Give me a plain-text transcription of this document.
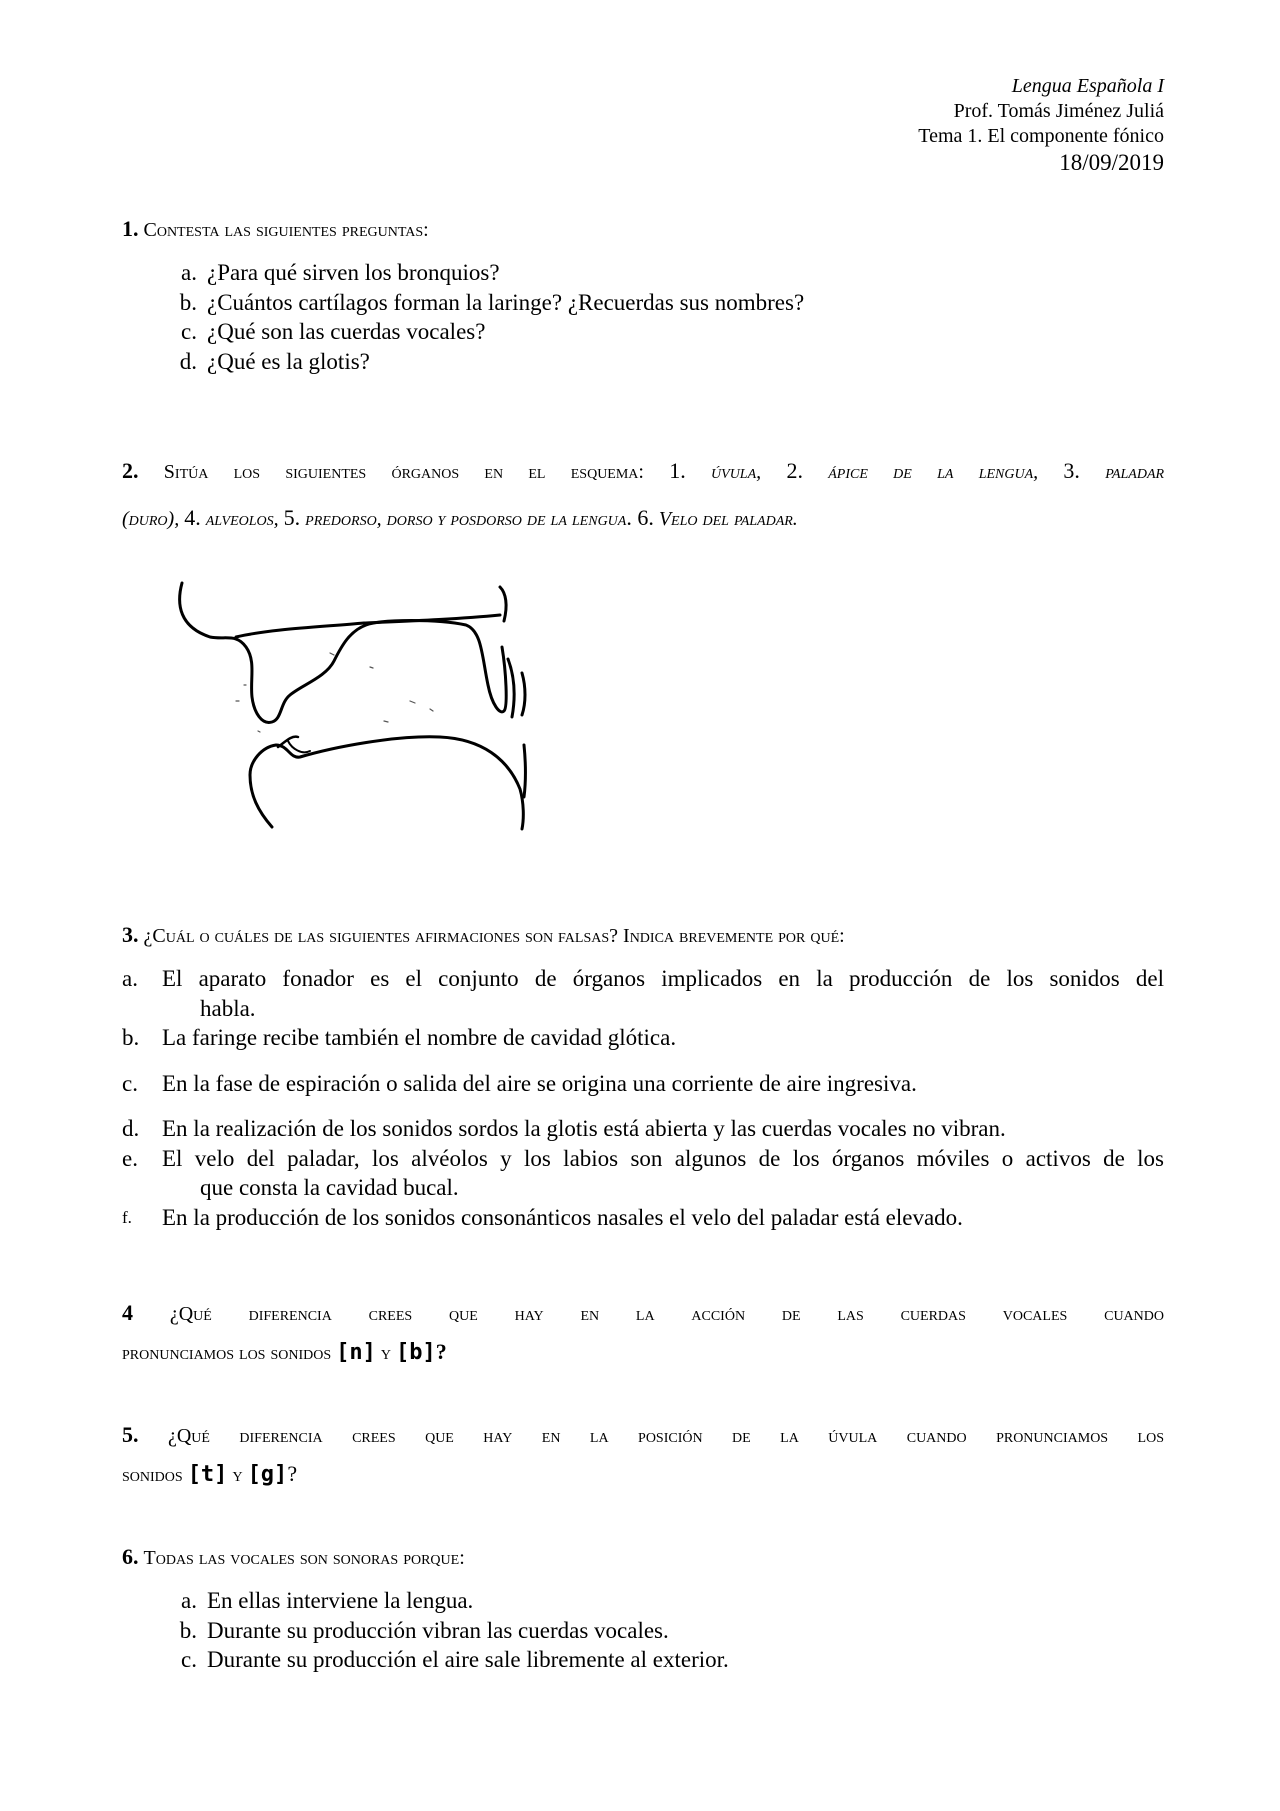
Lengua Española I
Prof. Tomás Jiménez Juliá
Tema 1. El componente fónico
18/09/2019
1. Contesta las siguientes preguntas:
a. ¿Para qué sirven los bronquios?
b. ¿Cuántos cartílagos forman la laringe? ¿Recuerdas sus nombres?
c. ¿Qué son las cuerdas vocales?
d. ¿Qué es la glotis?
2. Sitúa los siguientes órganos en el esquema: 1. úvula, 2. ápice de la lengua, 3. paladar
(duro), 4. alveolos, 5. predorso, dorso y posdorso de la lengua. 6. Velo del paladar.
3. ¿Cuál o cuáles de las siguientes afirmaciones son falsas? Indica brevemente por qué:
a.	El aparato fonador es el conjunto de órganos implicados en la producción de los sonidos del
habla.
b. La faringe recibe también el nombre de cavidad glótica.
c.	En la fase de espiración o salida del aire se origina una corriente de aire ingresiva.
d. En la realización de los sonidos sordos la glotis está abierta y las cuerdas vocales no vibran.
e.	El velo del paladar, los alvéolos y los labios son algunos de los órganos móviles o activos de los
que consta la cavidad bucal.
f.	En la producción de los sonidos consonánticos nasales el velo del paladar está elevado.
4 ¿Qué diferencia crees que hay en la acción de las cuerdas vocales cuando
pronunciamos los sonidos [n] y [b]?
5. ¿Qué diferencia crees que hay en la posición de la úvula cuando pronunciamos los
sonidos [t] y [g]?
6. Todas las vocales son sonoras porque:
a. En ellas interviene la lengua.
b. Durante su producción vibran las cuerdas vocales.
c. Durante su producción el aire sale libremente al exterior.
